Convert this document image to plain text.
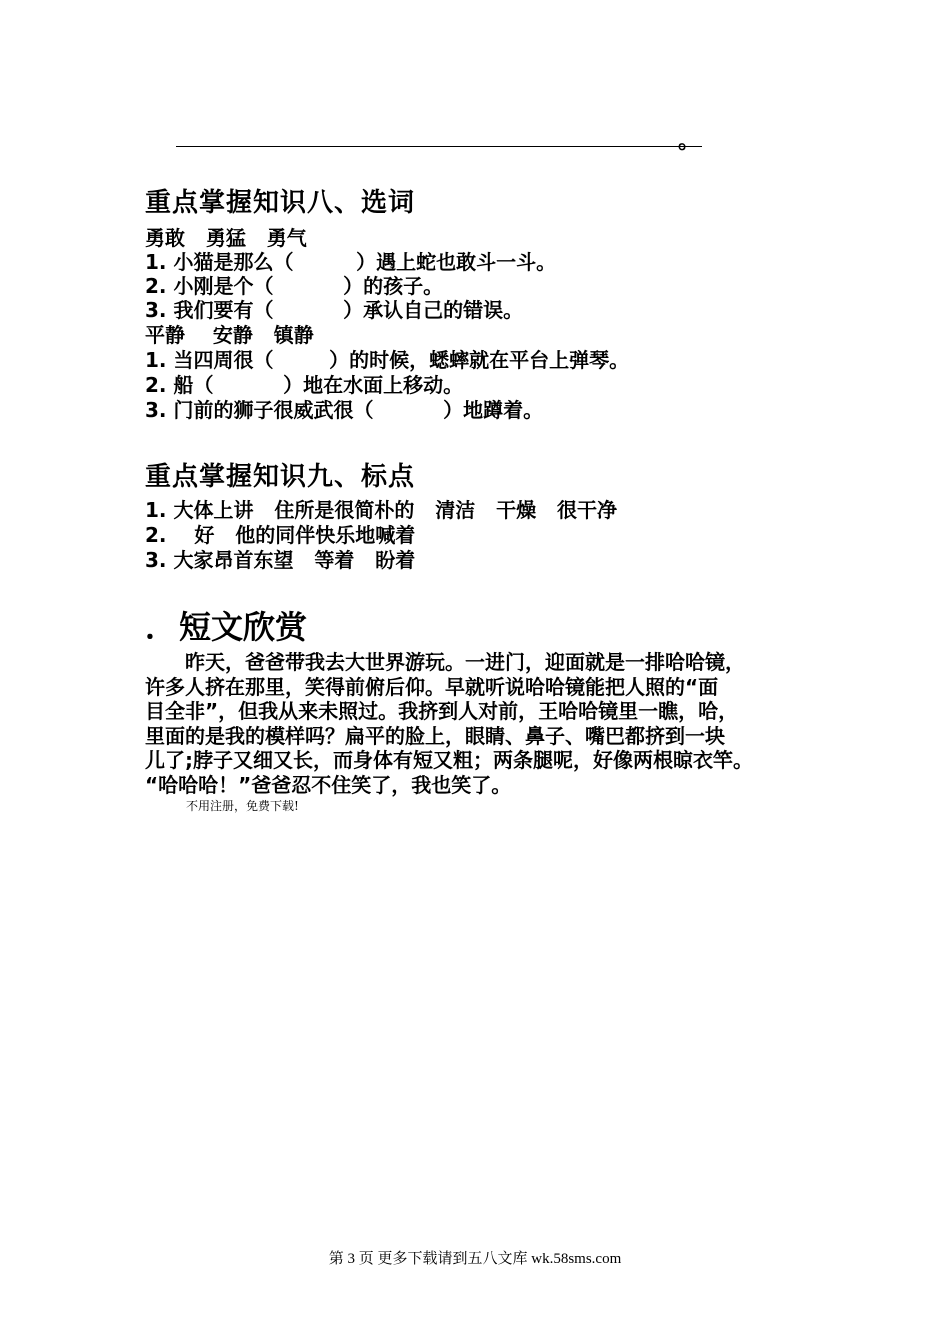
。
重点掌握知识八、选词
勇敢   勇猛   勇气
1. 小猫是那么（         ）遇上蛇也敢斗一斗。
2. 小刚是个（          ）的孩子。
3. 我们要有（          ）承认自己的错误。
平静    安静   镇静
1. 当四周很（        ）的时候，蟋蟀就在平台上弹琴。
2. 船（          ）地在水面上移动。
3. 门前的狮子很威武很（          ）地蹲着。
重点掌握知识九、标点
1. 大体上讲   住所是很简朴的   清洁   干燥   很干净
2.    好   他的同伴快乐地喊着
3. 大家昂首东望   等着   盼着
．短文欣赏

　　昨天，爸爸带我去大世界游玩。一进门，迎面就是一排哈哈镜，

许多人挤在那里，笑得前俯后仰。早就听说哈哈镜能把人照的“面

目全非”，但我从来未照过。我挤到人对前，王哈哈镜里一瞧，哈，

里面的是我的模样吗？扁平的脸上，眼睛、鼻子、嘴巴都挤到一块

儿了;脖子又细又长，而身体有短又粗；两条腿呢，好像两根晾衣竿。

“哈哈哈！”爸爸忍不住笑了，我也笑了。

不用注册，免费下载!
第 3 页 更多下载请到五八文库 wk.58sms.com
